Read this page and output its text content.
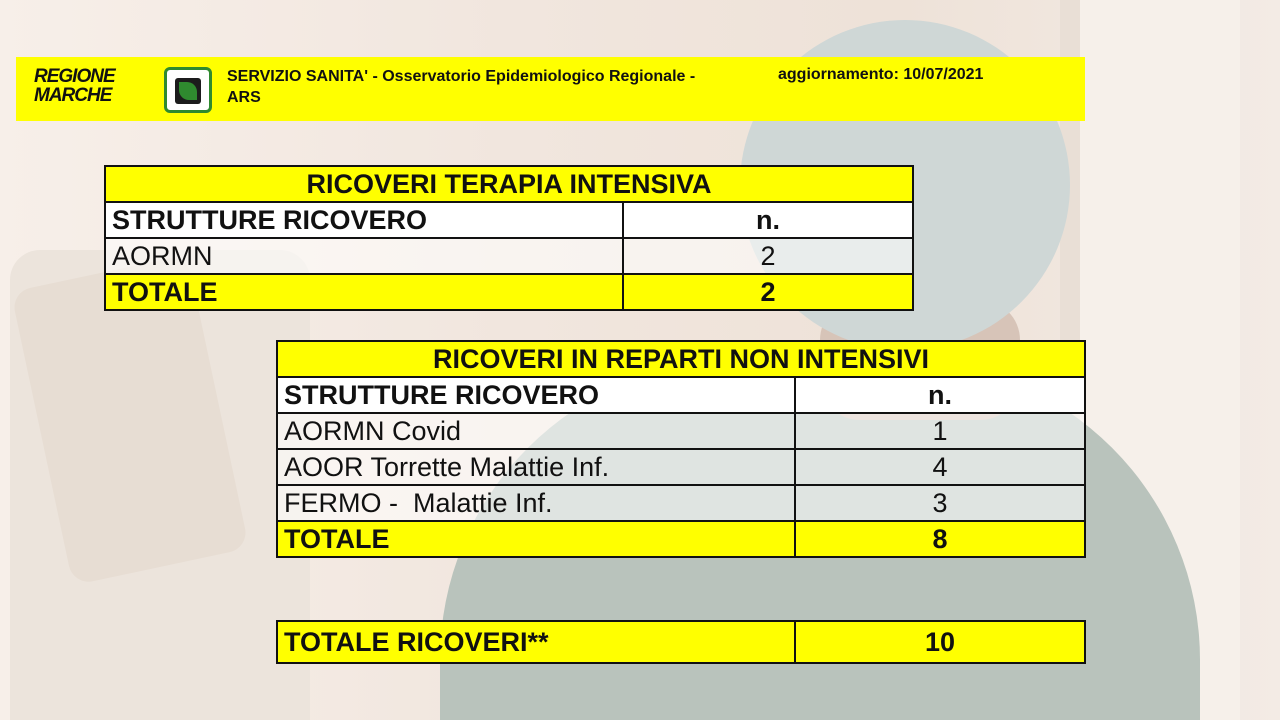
REGIONE
MARCHE
SERVIZIO SANITA' - Osservatorio Epidemiologico Regionale - ARS
aggiornamento: 10/07/2021
RICOVERI TERAPIA INTENSIVA	
STRUTTURE RICOVERO	n.
AORMN	2
TOTALE	2
RICOVERI IN REPARTI NON INTENSIVI	
STRUTTURE RICOVERO	n.
AORMN Covid	1
AOOR Torrette Malattie Inf.	4
FERMO -  Malattie Inf.	3
TOTALE	8
TOTALE RICOVERI**	10
